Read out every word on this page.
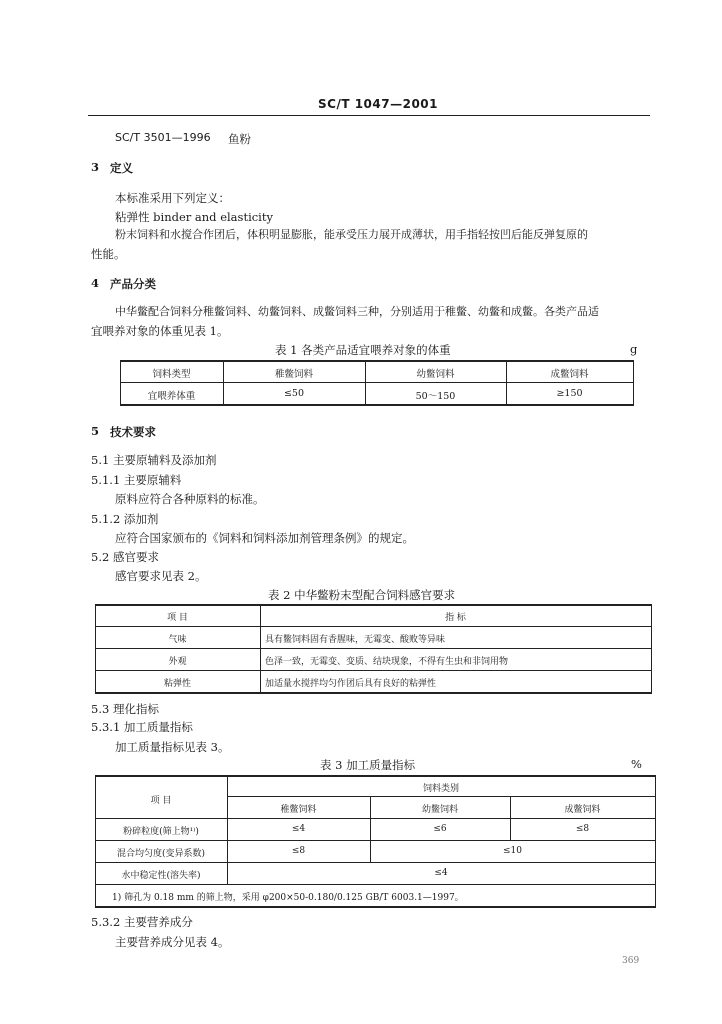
SC/T 1047—2001
SC/T 3501—1996 鱼粉
3 定义
本标准采用下列定义：
粘弹性 binder and elasticity
粉末饲料和水搅合作团后，体积明显膨胀，能承受压力展开成薄状，用手指轻按凹后能反弹复原的
性能。
4 产品分类
中华鳖配合饲料分稚鳖饲料、幼鳖饲料、成鳖饲料三种，分别适用于稚鳖、幼鳖和成鳖。各类产品适
宜喂养对象的体重见表 1。
表 1 各类产品适宜喂养对象的体重	g
饲料类型	稚鳖饲料	幼鳖饲料	成鳖饲料
宜喂养体重	≤50	50～150	≥150
5 技术要求
5.1 主要原辅料及添加剂
5.1.1 主要原辅料
原料应符合各种原料的标准。
5.1.2 添加剂
应符合国家颁布的《饲料和饲料添加剂管理条例》的规定。
5.2 感官要求
感官要求见表 2。
表 2 中华鳖粉末型配合饲料感官要求
项 目	指 标
气味	具有鳖饲料固有香腥味，无霉变、酸败等异味
外观	色泽一致，无霉变、变质、结块现象，不得有生虫和非饲用物
粘弹性	加适量水搅拌均匀作团后具有良好的粘弹性
5.3 理化指标
5.3.1 加工质量指标
加工质量指标见表 3。
表 3 加工质量指标	%
项 目
饲料类别
稚鳖饲料	幼鳖饲料	成鳖饲料
粉碎粒度(筛上物¹⁾)	≤4	≤6	≤8
混合均匀度(变异系数)	≤8	≤10
水中稳定性(溶失率)	≤4
1) 筛孔为 0.18 mm 的筛上物，采用 φ200×50-0.180/0.125 GB/T 6003.1—1997。
5.3.2 主要营养成分
主要营养成分见表 4。
369
